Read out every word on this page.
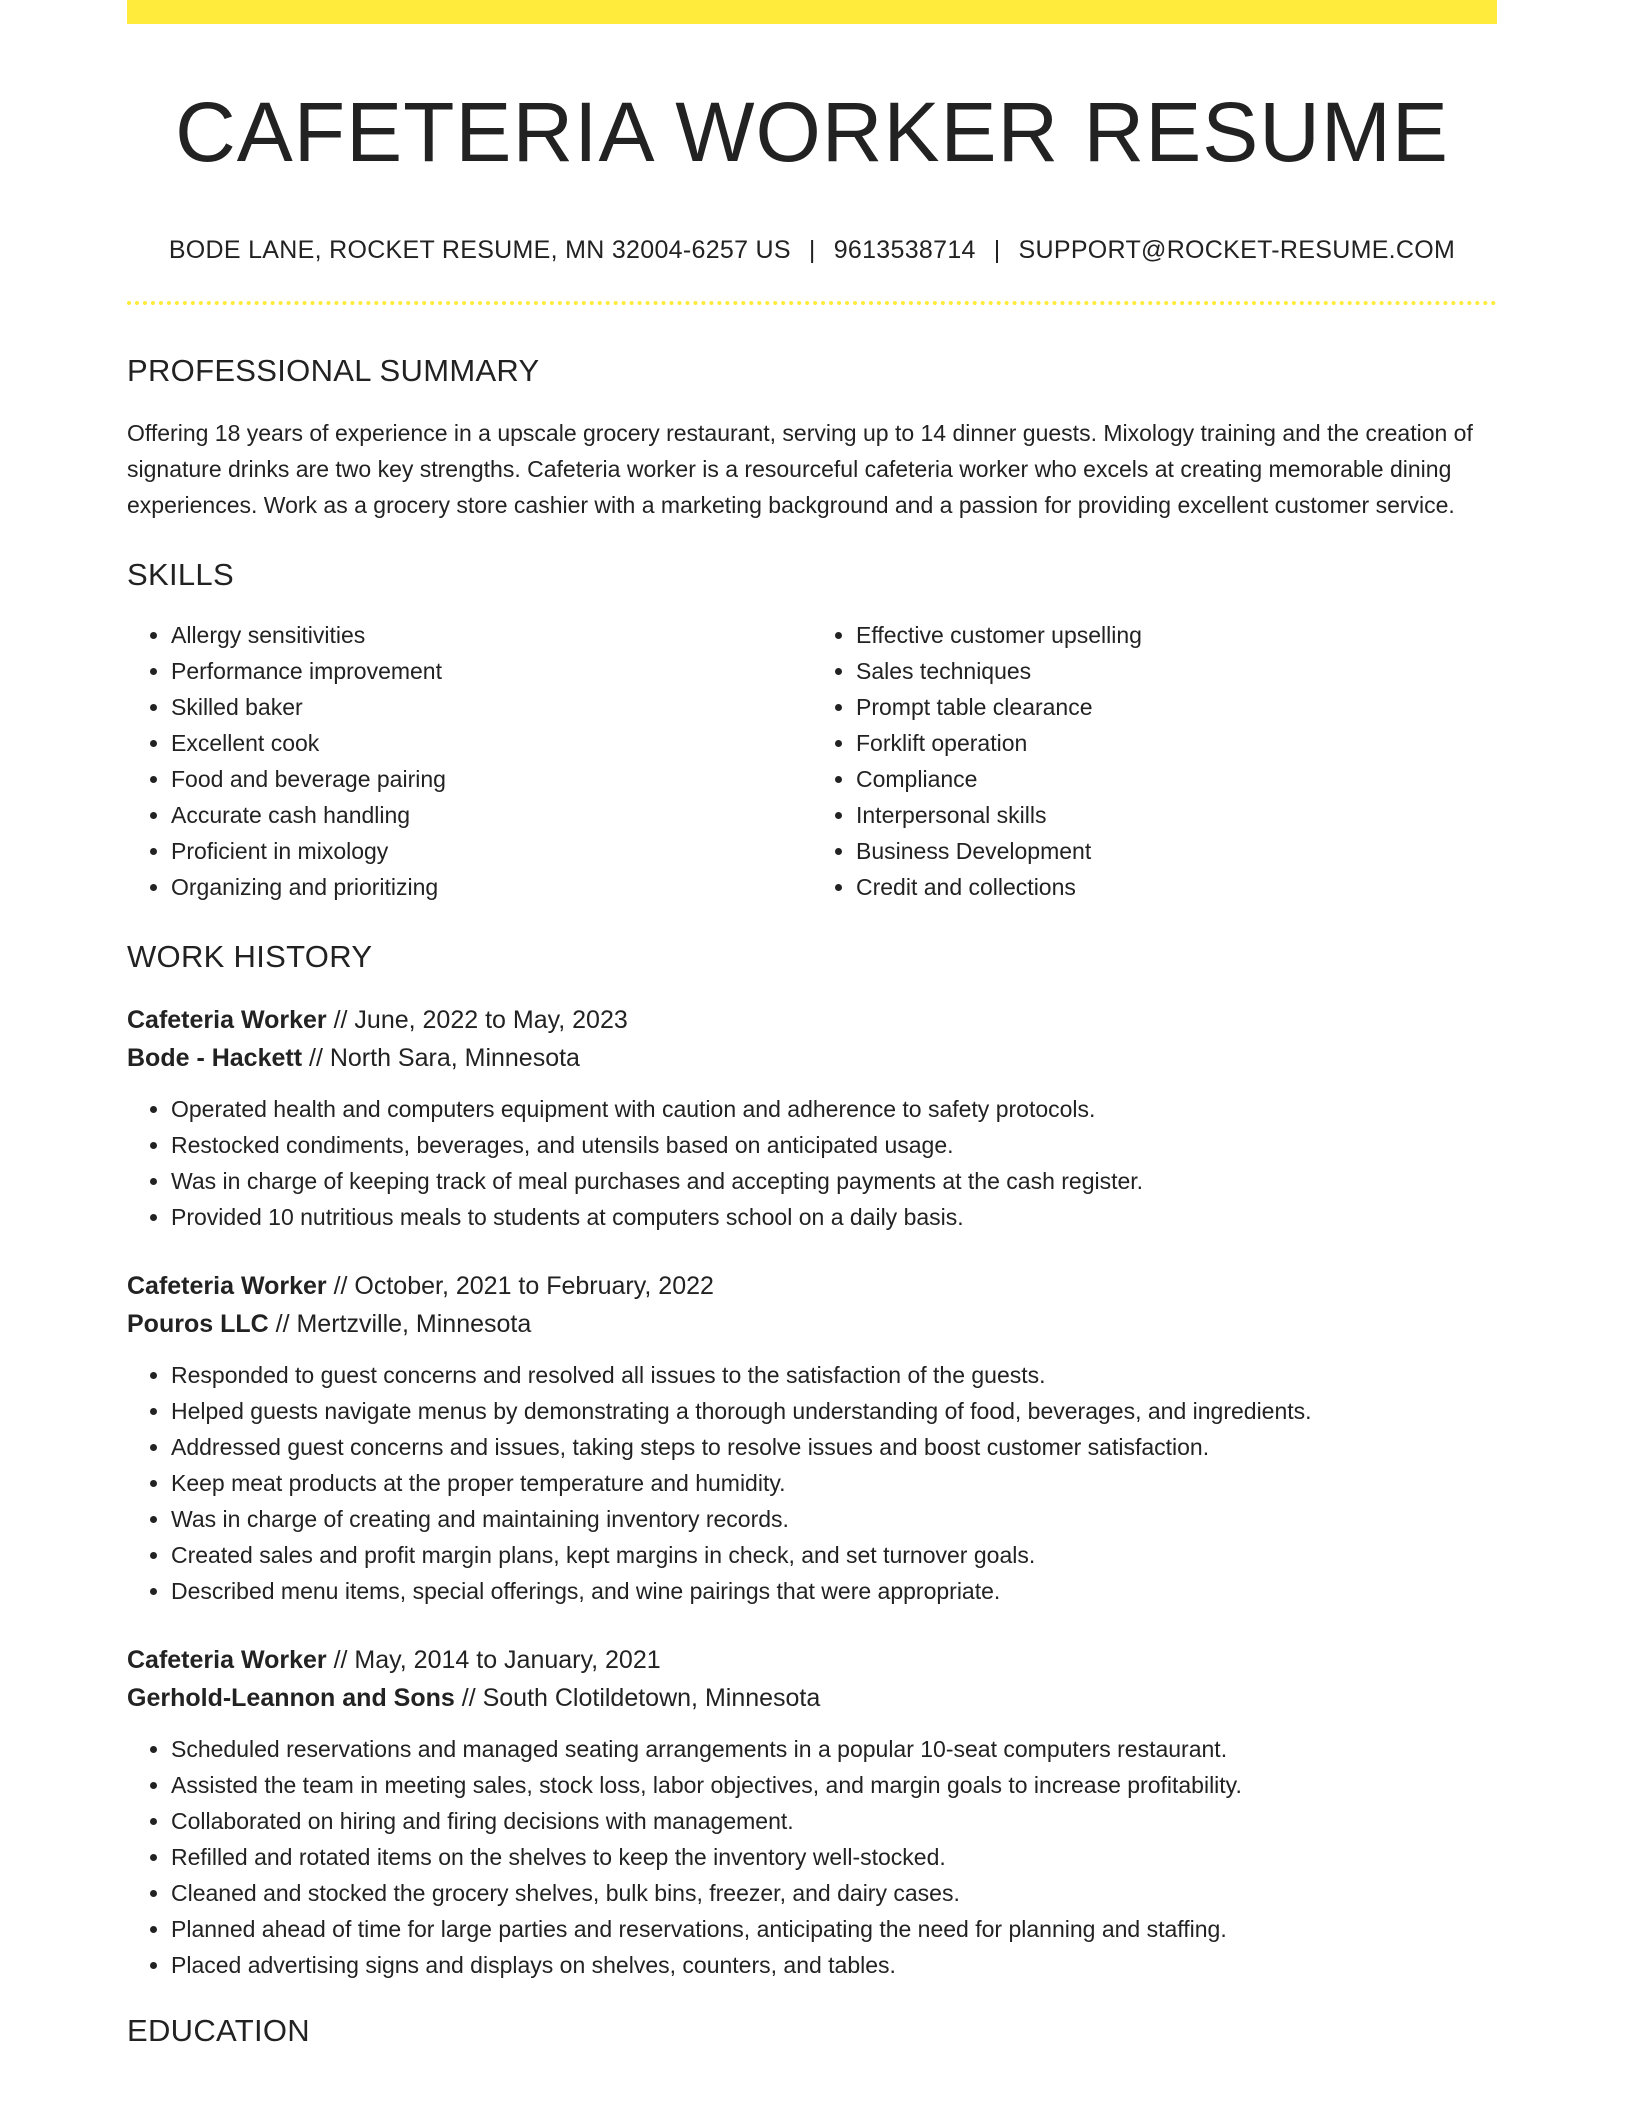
CAFETERIA WORKER RESUME
BODE LANE, ROCKET RESUME, MN 32004-6257 US | 9613538714 | SUPPORT@ROCKET-RESUME.COM
PROFESSIONAL SUMMARY

Offering 18 years of experience in a upscale grocery restaurant, serving up to 14 dinner guests. Mixology training and the creation of signature drinks are two key strengths. Cafeteria worker is a resourceful cafeteria worker who excels at creating memorable dining experiences. Work as a grocery store cashier with a marketing background and a passion for providing excellent customer service.

SKILLS
• Allergy sensitivities
• Performance improvement
• Skilled baker
• Excellent cook
• Food and beverage pairing
• Accurate cash handling
• Proficient in mixology
• Organizing and prioritizing
• Effective customer upselling
• Sales techniques
• Prompt table clearance
• Forklift operation
• Compliance
• Interpersonal skills
• Business Development
• Credit and collections
WORK HISTORY
Cafeteria Worker // June, 2022 to May, 2023
Bode - Hackett // North Sara, Minnesota
• Operated health and computers equipment with caution and adherence to safety protocols.
• Restocked condiments, beverages, and utensils based on anticipated usage.
• Was in charge of keeping track of meal purchases and accepting payments at the cash register.
• Provided 10 nutritious meals to students at computers school on a daily basis.
Cafeteria Worker // October, 2021 to February, 2022
Pouros LLC // Mertzville, Minnesota
• Responded to guest concerns and resolved all issues to the satisfaction of the guests.
• Helped guests navigate menus by demonstrating a thorough understanding of food, beverages, and ingredients.
• Addressed guest concerns and issues, taking steps to resolve issues and boost customer satisfaction.
• Keep meat products at the proper temperature and humidity.
• Was in charge of creating and maintaining inventory records.
• Created sales and profit margin plans, kept margins in check, and set turnover goals.
• Described menu items, special offerings, and wine pairings that were appropriate.
Cafeteria Worker // May, 2014 to January, 2021
Gerhold-Leannon and Sons // South Clotildetown, Minnesota
• Scheduled reservations and managed seating arrangements in a popular 10-seat computers restaurant.
• Assisted the team in meeting sales, stock loss, labor objectives, and margin goals to increase profitability.
• Collaborated on hiring and firing decisions with management.
• Refilled and rotated items on the shelves to keep the inventory well-stocked.
• Cleaned and stocked the grocery shelves, bulk bins, freezer, and dairy cases.
• Planned ahead of time for large parties and reservations, anticipating the need for planning and staffing.
• Placed advertising signs and displays on shelves, counters, and tables.
EDUCATION
